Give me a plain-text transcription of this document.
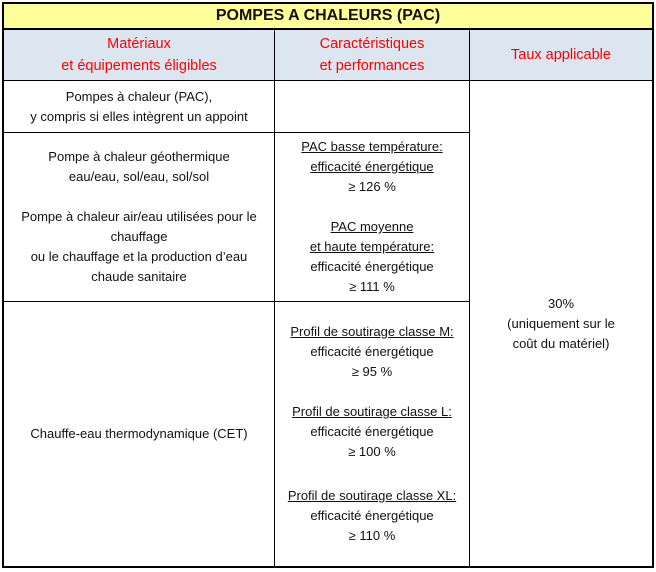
POMPES A CHALEURS (PAC)
Matériaux
et équipements éligibles
Caractéristiques
et performances
Taux applicable
Pompes à chaleur (PAC),
y compris si elles intègrent un appoint
Pompe à chaleur géothermique
eau/eau, sol/eau, sol/sol
Pompe à chaleur air/eau utilisées pour le
chauffage
ou le chauffage et la production d’eau
chaude sanitaire
PAC basse température:
efficacité énergétique
≥ 126 %
PAC moyenne
et haute température:
efficacité énergétique
≥ 111 %
Chauffe-eau thermodynamique (CET)
Profil de soutirage classe M:
efficacité énergétique
≥ 95 %
Profil de soutirage classe L:
efficacité énergétique
≥ 100 %
Profil de soutirage classe XL:
efficacité énergétique
≥ 110 %
30%
(uniquement sur le
coût du matériel)
